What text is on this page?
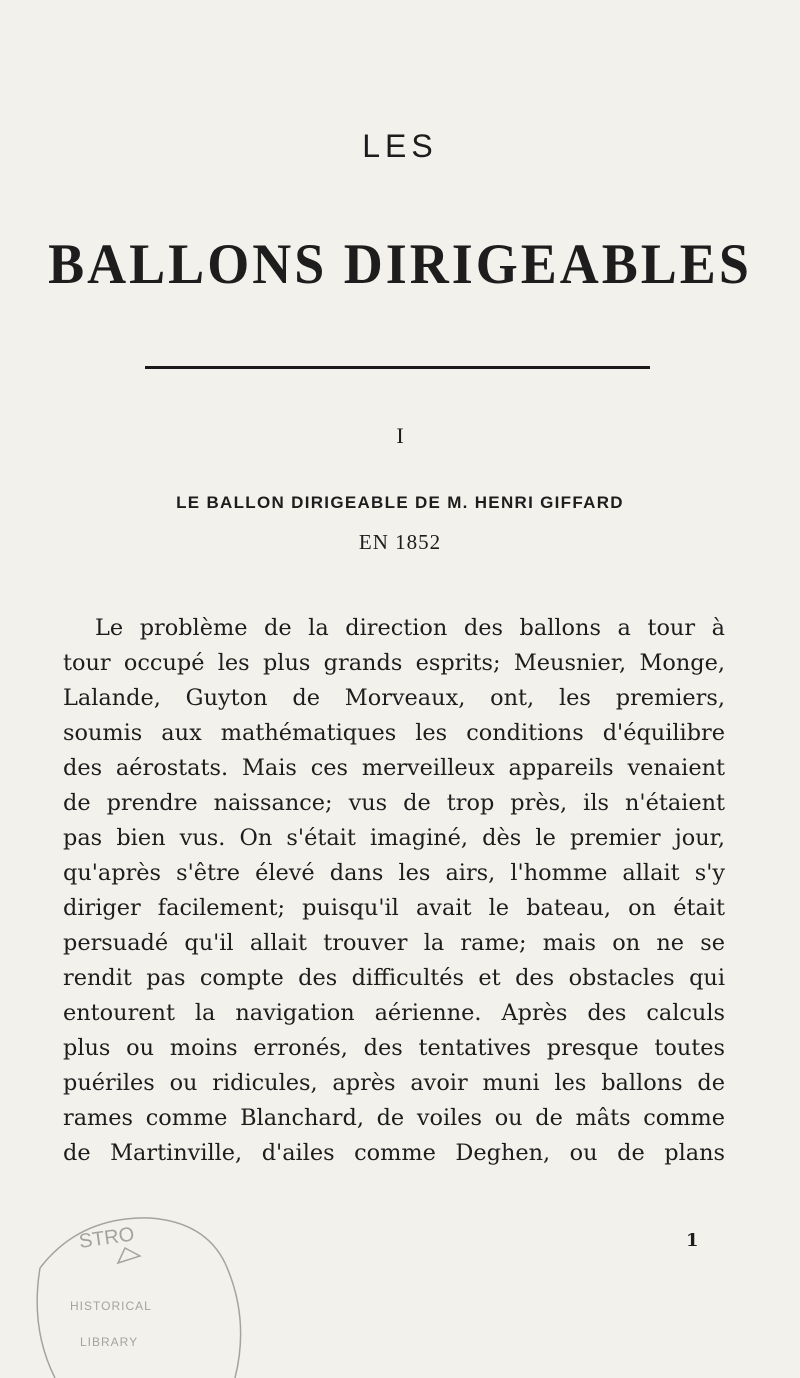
LES
BALLONS DIRIGEABLES
I
LE BALLON DIRIGEABLE DE M. HENRI GIFFARD
EN 1852
Le problème de la direction des ballons a tour à
tour occupé les plus grands esprits; Meusnier, Monge,
Lalande, Guyton de Morveaux, ont, les premiers,
soumis aux mathématiques les conditions d'équilibre
des aérostats. Mais ces merveilleux appareils venaient
de prendre naissance; vus de trop près, ils n'étaient
pas bien vus. On s'était imaginé, dès le premier jour,
qu'après s'être élevé dans les airs, l'homme allait s'y
diriger facilement; puisqu'il avait le bateau, on était
persuadé qu'il allait trouver la rame; mais on ne se
rendit pas compte des difficultés et des obstacles qui
entourent la navigation aérienne. Après des calculs
plus ou moins erronés, des tentatives presque toutes
puériles ou ridicules, après avoir muni les ballons de
rames comme Blanchard, de voiles ou de mâts comme
de Martinville, d'ailes comme Deghen, ou de plans
1
STRO
HISTORICAL
LIBRARY
